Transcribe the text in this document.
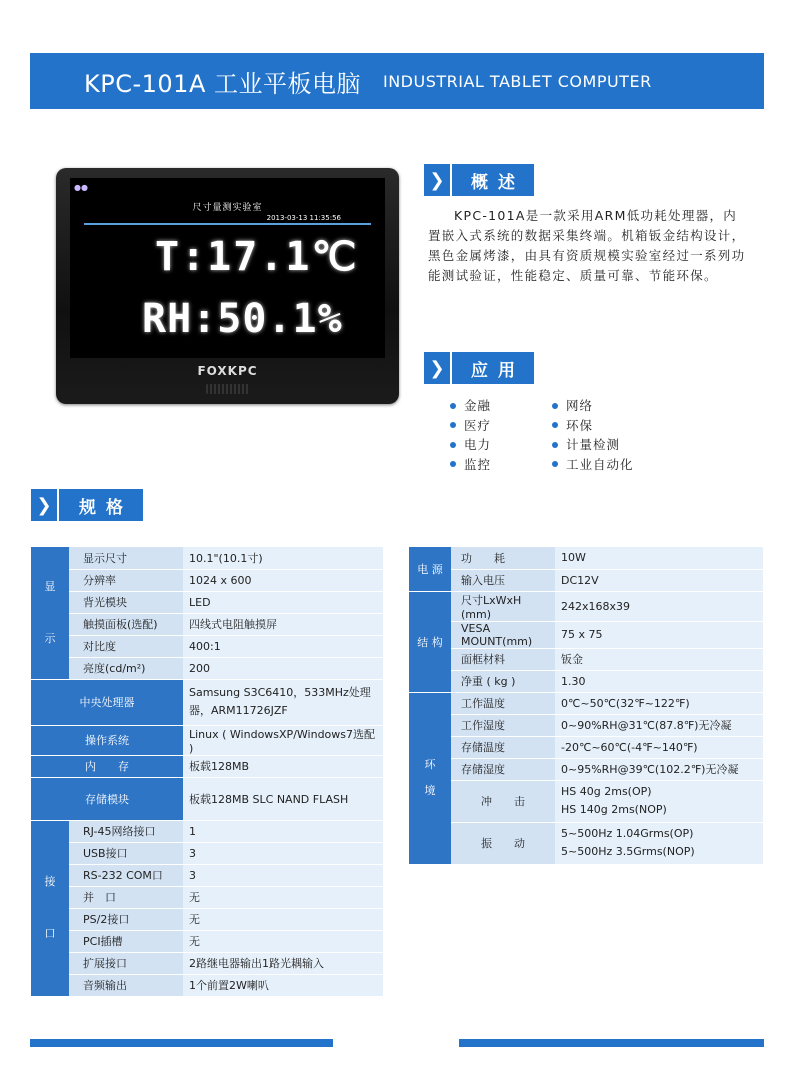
KPC-101A 工业平板电脑 INDUSTRIAL TABLET COMPUTER
●●
尺寸量测实验室
2013-03-13 11:35:56
T:17.1℃
RH:50.1%
FOXKPC
❯	概述

KPC-101A是一款采用ARM低功耗处理器，内置嵌入式系统的数据采集终端。机箱钣金结构设计，黑色金属烤漆，由具有资质规模实验室经过一系列功能测试验证，性能稳定、质量可靠、节能环保。

❯	应用
金融	网络
医疗	环保
电力	计量检测
监控	工业自动化
❯	规格
显

示	显示尺寸	10.1"(10.1寸)
	分辨率	1024 x 600
	背光模块	LED
	触摸面板(选配)	四线式电阻触摸屏
	对比度	400:1
	亮度(cd/m²)	200
中央处理器		Samsung S3C6410，533MHz处理器，ARM11726JZF
操作系统		Linux ( WindowsXP/Windows7选配 )
内　　存		板载128MB
存储模块		板载128MB SLC NAND FLASH

接

口	RJ-45网络接口	1
	USB接口	3
	RS-232 COM口	3
	并　口	无
	PS/2接口	无
	PCI插槽	无
	扩展接口	2路继电器输出1路光耦输入
	音频输出	1个前置2W喇叭
电 源	功　　耗	10W
	输入电压	DC12V
结 构	尺寸LxWxH (mm)	242x168x39
	VESA MOUNT(mm)	75 x 75
	面框材料	钣金
	净重 ( kg )	1.30

环
境	工作温度	0℃~50℃(32℉~122℉)
	工作湿度	0~90%RH@31℃(87.8℉)无冷凝
	存储温度	-20℃~60℃(-4℉~140℉)
	存储湿度	0~95%RH@39℃(102.2℉)无冷凝
	冲　　击	HS 40g 2ms(OP)
HS 140g 2ms(NOP)

	振　　动	5~500Hz 1.04Grms(OP)
5~500Hz 3.5Grms(NOP)
